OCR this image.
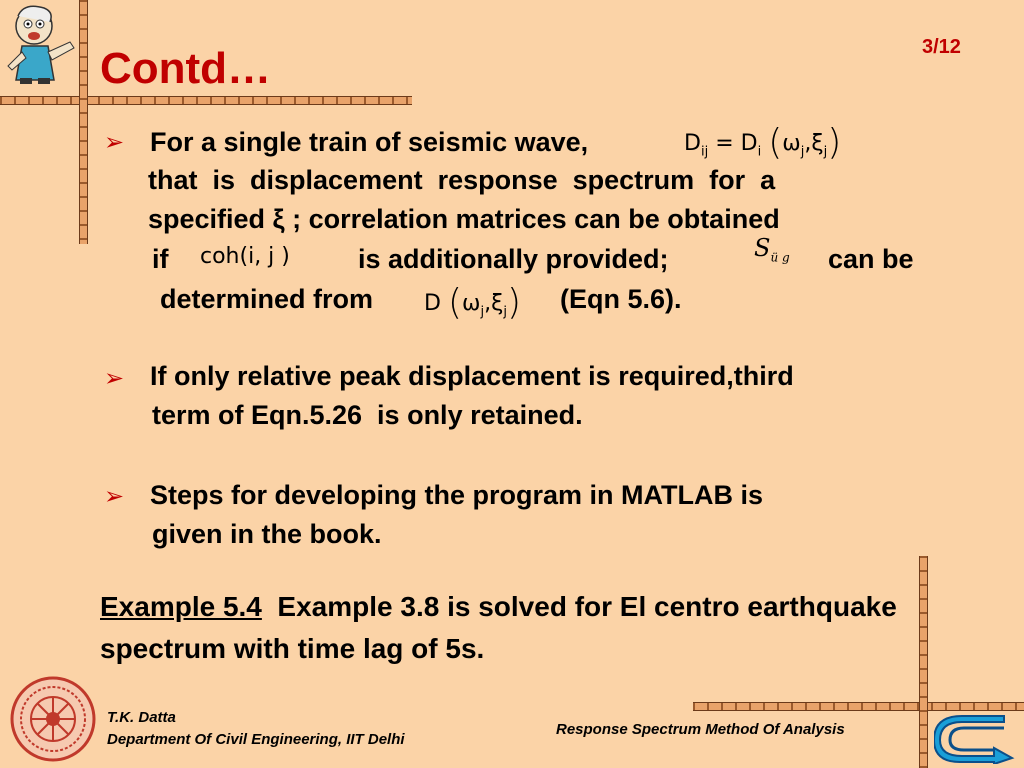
Contd…	3/12
➢ For a single train of seismic wave,
that  is  displacement  response  spectrum  for  a
specified ξ ; correlation matrices can be obtained
if	is additionally provided;	can be
determined from	(Eqn 5.6).
$D_{ij} = D_i$ $(\omega_j,\xi_j)$
coh(i, j )	$S_{ü g}$
D $(\omega_j,\xi_j)$
➢ If only relative peak displacement is required,third
term of Eqn.5.26  is only retained.
➢ Steps for developing the program in MATLAB is
given in the book.
Example 5.4  Example 3.8 is solved for El centro earthquake spectrum with time lag of 5s.
T.K. Datta
Department Of Civil Engineering, IIT Delhi
Response Spectrum Method Of Analysis
